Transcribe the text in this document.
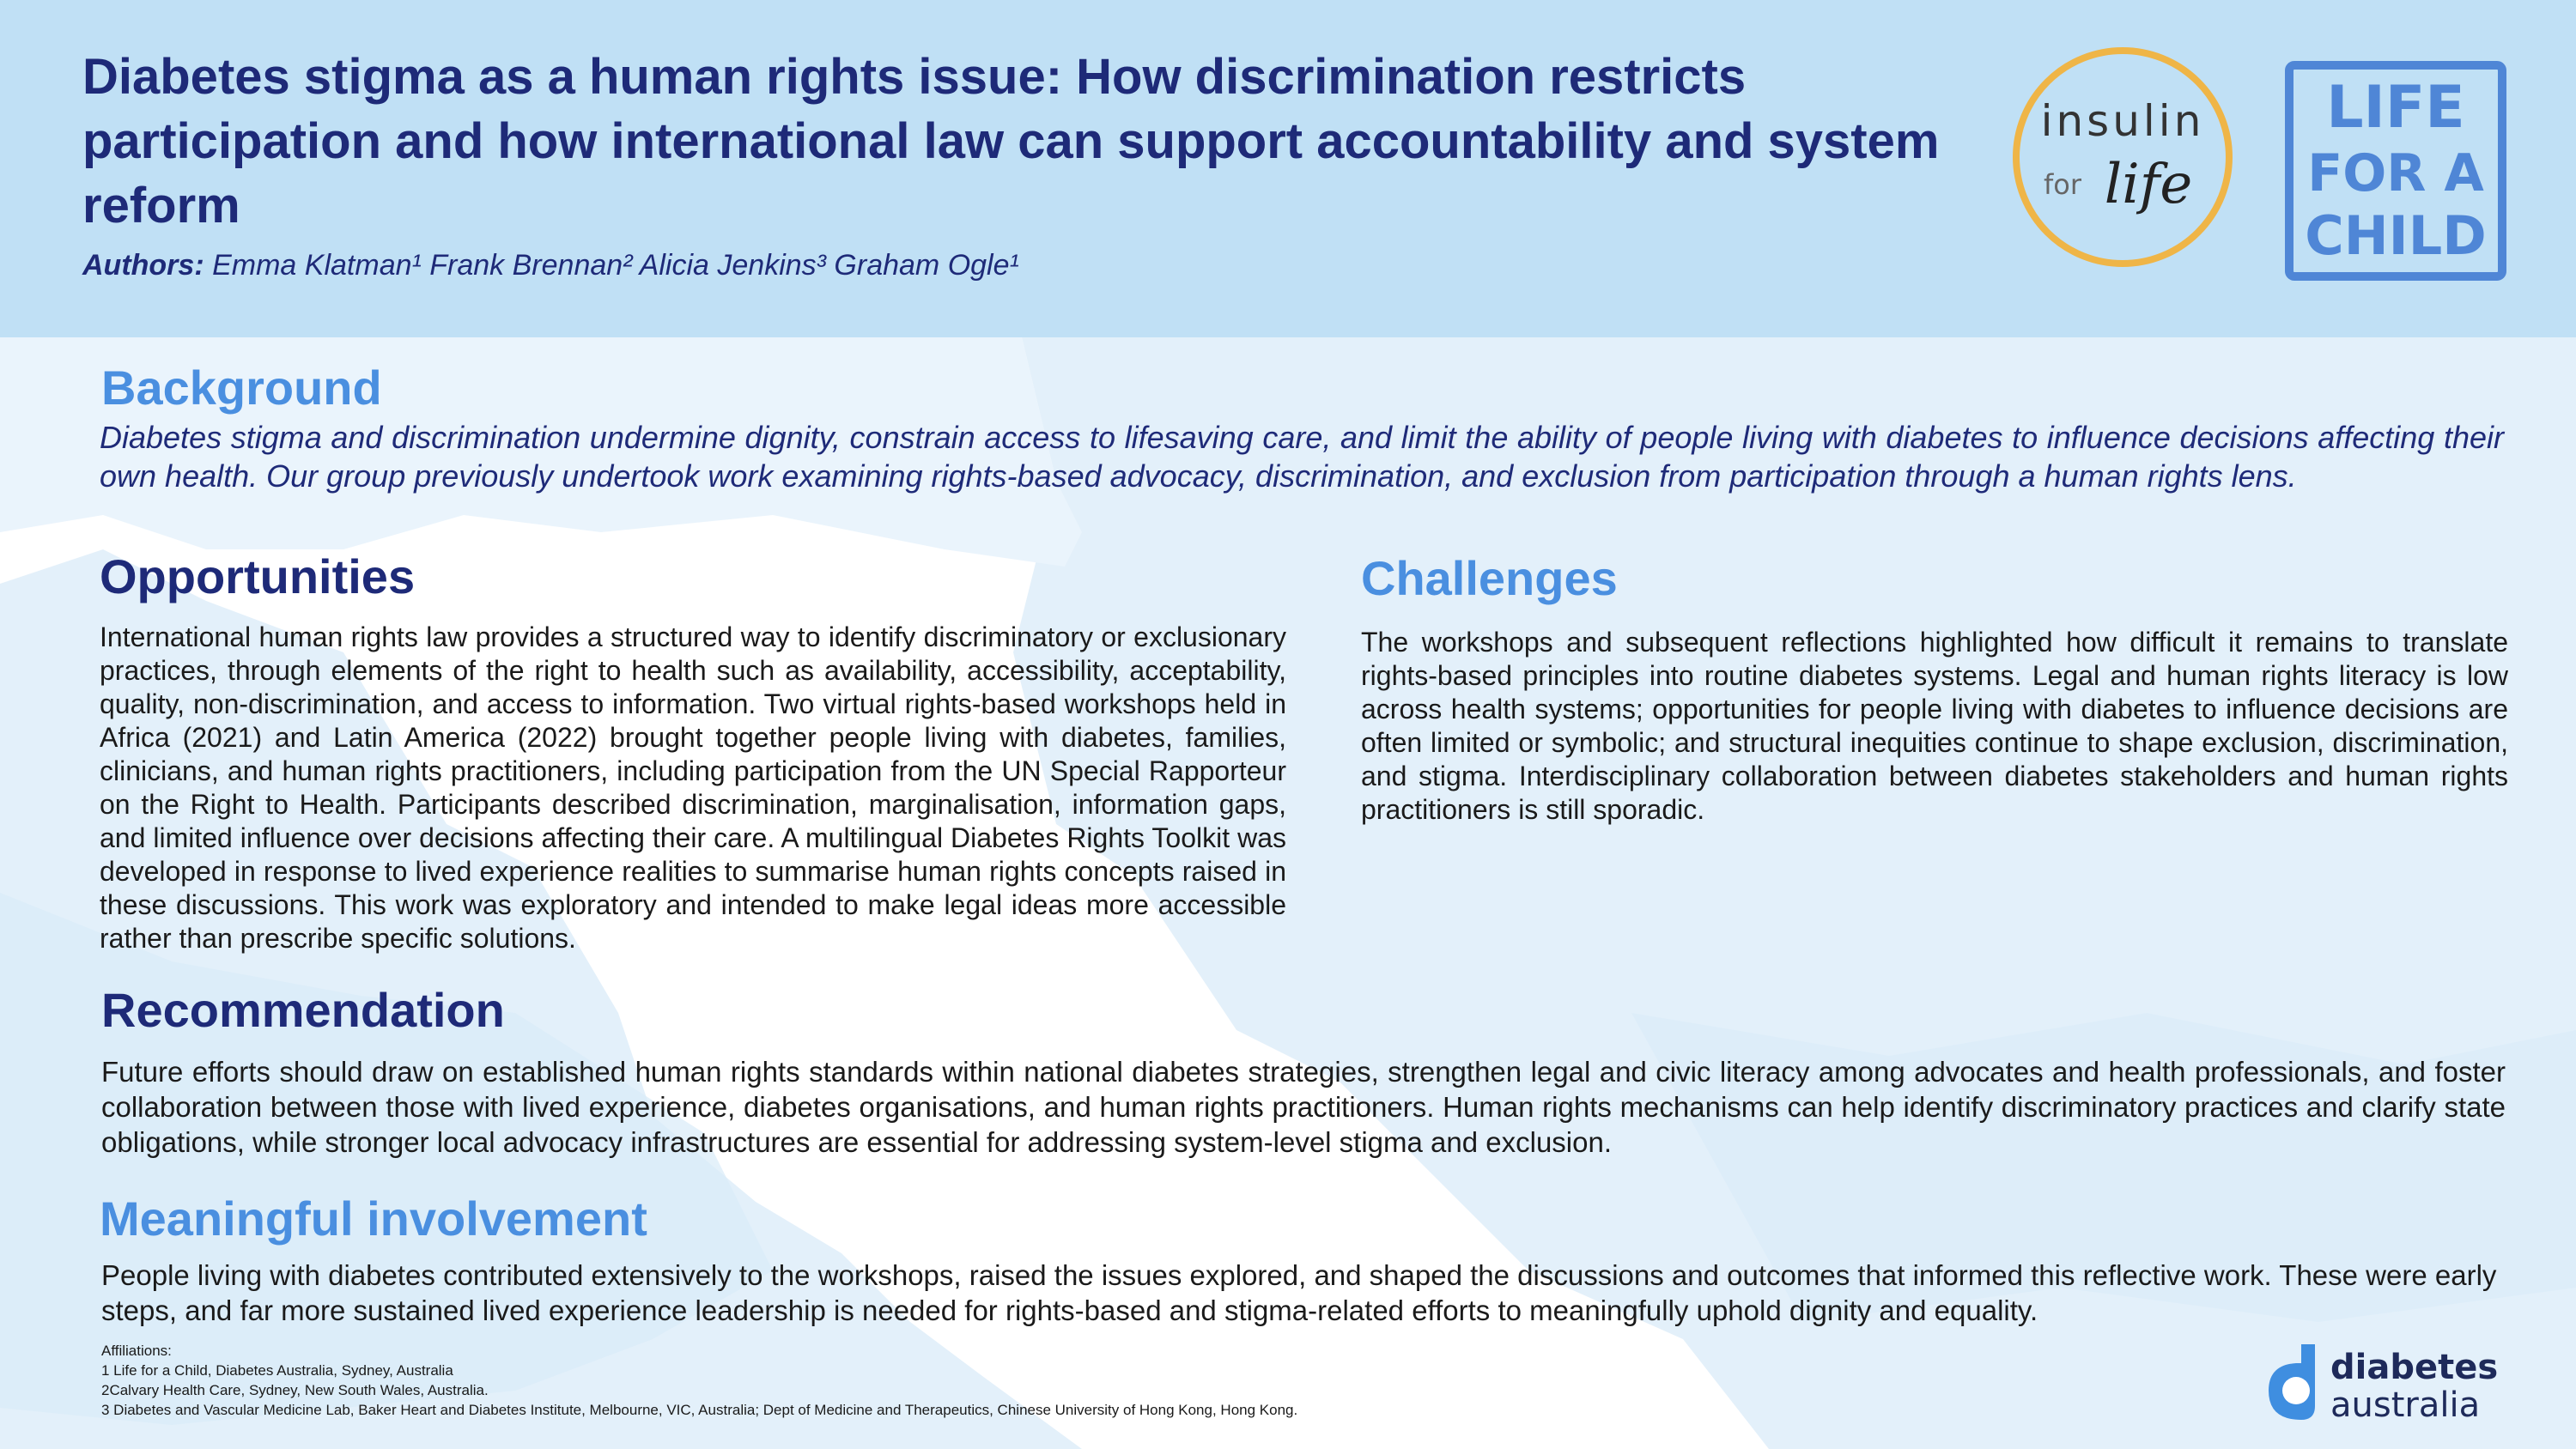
Diabetes stigma as a human rights issue: How discrimination restricts participation and how international law can support accountability and system reform
Authors: Emma Klatman¹ Frank Brennan² Alicia Jenkins³ Graham Ogle¹
insulin
for life
LIFE
FOR A
CHILD
Background
Diabetes stigma and discrimination undermine dignity, constrain access to lifesaving care, and limit the ability of people living with diabetes to influence decisions affecting their own health. Our group previously undertook work examining rights-based advocacy, discrimination, and exclusion from participation through a human rights lens.
Opportunities
International human rights law provides a structured way to identify discriminatory or exclusionary practices, through elements of the right to health such as availability, accessibility, acceptability, quality, non-discrimination, and access to information. Two virtual rights-based workshops held in Africa (2021) and Latin America (2022) brought together people living with diabetes, families, clinicians, and human rights practitioners, including participation from the UN Special Rapporteur on the Right to Health. Participants described discrimination, marginalisation, information gaps, and limited influence over decisions affecting their care. A multilingual Diabetes Rights Toolkit was developed in response to lived experience realities to summarise human rights concepts raised in these discussions. This work was exploratory and intended to make legal ideas more accessible rather than prescribe specific solutions.
Challenges
The workshops and subsequent reflections highlighted how difficult it remains to translate rights-based principles into routine diabetes systems. Legal and human rights literacy is low across health systems; opportunities for people living with diabetes to influence decisions are often limited or symbolic; and structural inequities continue to shape exclusion, discrimination, and stigma. Interdisciplinary collaboration between diabetes stakeholders and human rights practitioners is still sporadic.
Recommendation
Future efforts should draw on established human rights standards within national diabetes strategies, strengthen legal and civic literacy among advocates and health professionals, and foster collaboration between those with lived experience, diabetes organisations, and human rights practitioners. Human rights mechanisms can help identify discriminatory practices and clarify state obligations, while stronger local advocacy infrastructures are essential for addressing system-level stigma and exclusion.
Meaningful involvement
People living with diabetes contributed extensively to the workshops, raised the issues explored, and shaped the discussions and outcomes that informed this reflective work. These were early steps, and far more sustained lived experience leadership is needed for rights-based and stigma-related efforts to meaningfully uphold dignity and equality.
Affiliations:
1 Life for a Child, Diabetes Australia, Sydney, Australia
2Calvary Health Care, Sydney, New South Wales, Australia.
3 Diabetes and Vascular Medicine Lab, Baker Heart and Diabetes Institute, Melbourne, VIC, Australia; Dept of Medicine and Therapeutics, Chinese University of Hong Kong, Hong Kong.
diabetes
australia
